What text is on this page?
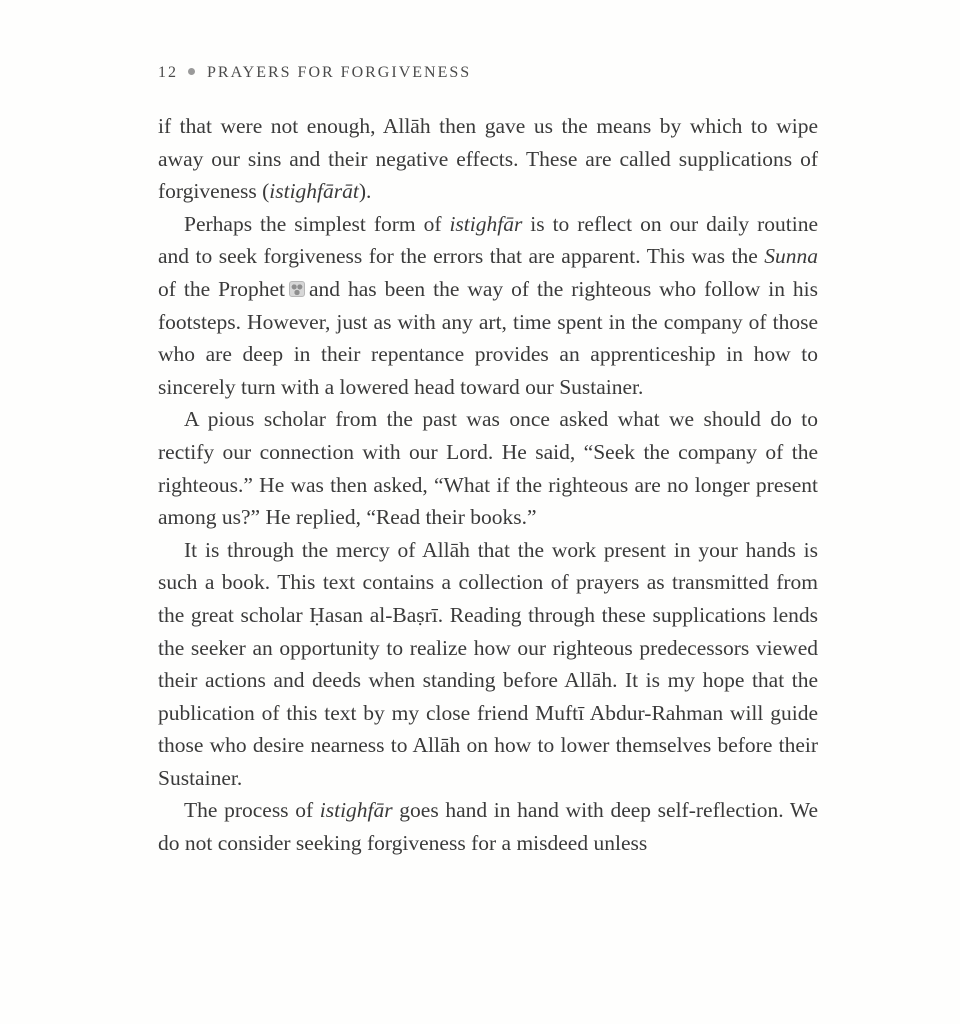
12 PRAYERS FOR FORGIVENESS

if that were not enough, Allāh then gave us the means by which to wipe away our sins and their negative effects. These are called supplications of forgiveness (istighfārāt).

Perhaps the simplest form of istighfār is to reflect on our daily routine and to seek forgiveness for the errors that are apparent. This was the Sunna of the Prophet and has been the way of the righteous who follow in his footsteps. However, just as with any art, time spent in the company of those who are deep in their repentance provides an apprenticeship in how to sincerely turn with a lowered head toward our Sustainer.

A pious scholar from the past was once asked what we should do to rectify our connection with our Lord. He said, “Seek the company of the righteous.” He was then asked, “What if the righteous are no longer present among us?” He replied, “Read their books.”

It is through the mercy of Allāh that the work present in your hands is such a book. This text contains a collection of prayers as transmitted from the great scholar Ḥasan al-Baṣrī. Reading through these supplications lends the seeker an opportunity to realize how our righteous predecessors viewed their actions and deeds when standing before Allāh. It is my hope that the publication of this text by my close friend Muftī Abdur-Rahman will guide those who desire nearness to Allāh on how to lower themselves before their Sustainer.

The process of istighfār goes hand in hand with deep self-reflection. We do not consider seeking forgiveness for a misdeed unless
